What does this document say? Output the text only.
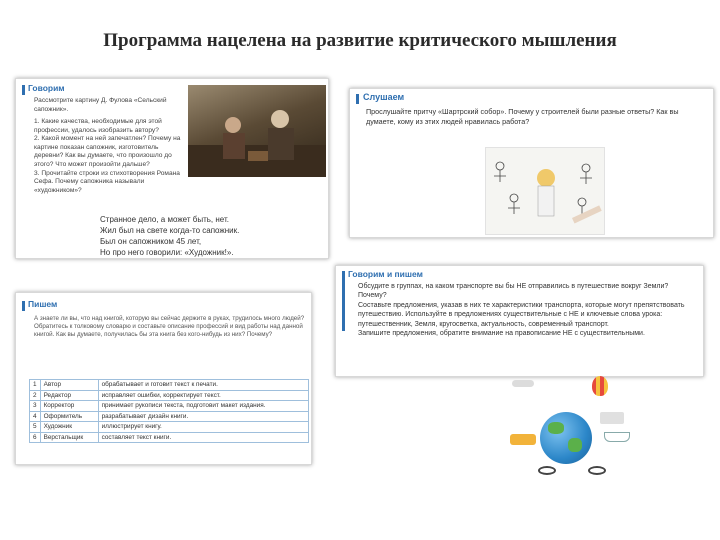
Программа нацелена на развитие критического мышления
Говорим
Рассмотрите картину Д. Фулова «Сельский сапожник».
1. Какие качества, необходимые для этой профессии, удалось изобразить автору?
2. Какой момент на ней запечатлен? Почему на картине показан сапожник, изготовитель деревни? Как вы думаете, что произошло до этого? Что может произойти дальше?
3. Прочитайте строки из стихотворения Романа Сефа. Почему сапожника называли «художником»?
Странное дело, а может быть, нет.
Жил был на свете когда-то сапожник.
Был он сапожником 45 лет,
Но про него говорили: «Художник!».
Слушаем
Прослушайте притчу «Шартрский собор». Почему у строителей были разные ответы? Как вы думаете, кому из этих людей нравилась работа?
Говорим и пишем
Обсудите в группах, на каком транспорте вы бы НЕ отправились в путешествие вокруг Земли? Почему?
Составьте предложения, указав в них те характеристики транспорта, которые могут препятствовать путешествию. Используйте в предложениях существительные с НЕ и ключевые слова урока: путешественник, Земля, кругосветка, актуальность, современный транспорт.
Запишите предложения, обратите внимание на правописание НЕ с существительными.
Пишем
А знаете ли вы, что над книгой, которую вы сейчас держите в руках, трудилось много людей? Обратитесь к толковому словарю и составьте описание профессий и вид работы над данной книгой. Как вы думаете, получилась бы эта книга без кого-нибудь из них? Почему?
1	Автор	обрабатывает и готовит текст к печати.
2	Редактор	исправляет ошибки, корректирует текст.
3	Корректор	принимает рукописи текста, подготовит макет издания.
4	Оформитель	разрабатывает дизайн книги.
5	Художник	иллюстрирует книгу.
6	Верстальщик	составляет текст книги.
